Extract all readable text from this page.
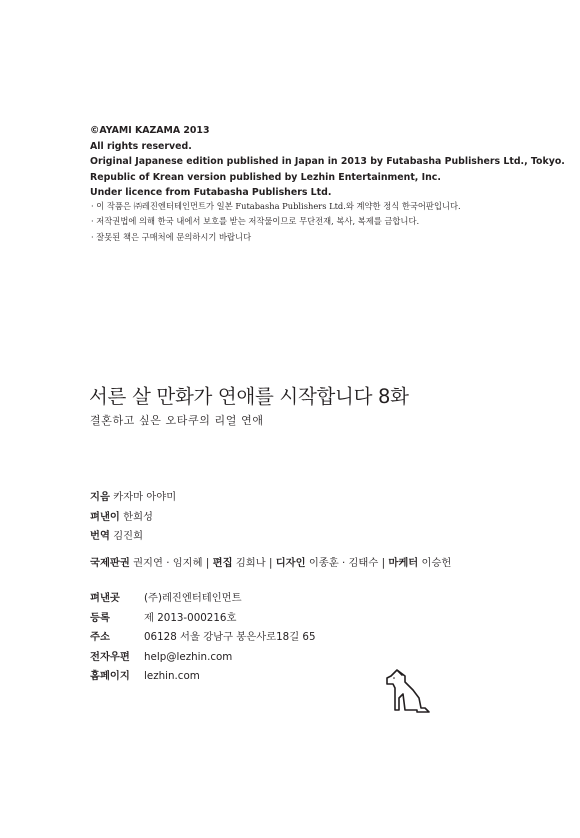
©AYAMI KAZAMA 2013
All rights reserved.
Original Japanese edition published in Japan in 2013 by Futabasha Publishers Ltd., Tokyo.
Republic of Krean version published by Lezhin Entertainment, Inc.
Under licence from Futabasha Publishers Ltd.
· 이 작품은 ㈜레진엔터테인먼트가 일본 Futabasha Publishers Ltd.와 계약한 정식 한국어판입니다.
· 저작권법에 의해 한국 내에서 보호를 받는 저작물이므로 무단전재, 복사, 복제를 금합니다.
· 잘못된 책은 구매처에 문의하시기 바랍니다
서른 살 만화가 연애를 시작합니다 8화
결혼하고 싶은 오타쿠의 리얼 연애
지음 카자마 아야미
펴낸이 한희성
번역 김진희
국제판권 권지연 · 임지혜 | 편집 김희나 | 디자인 이종훈 · 김태수 | 마케터 이승헌
펴낸곳 (주)레진엔터테인먼트
등록	제 2013-000216호
주소	06128 서울 강남구 봉은사로18길 65
전자우편 help@lezhin.com
홈페이지 lezhin.com
